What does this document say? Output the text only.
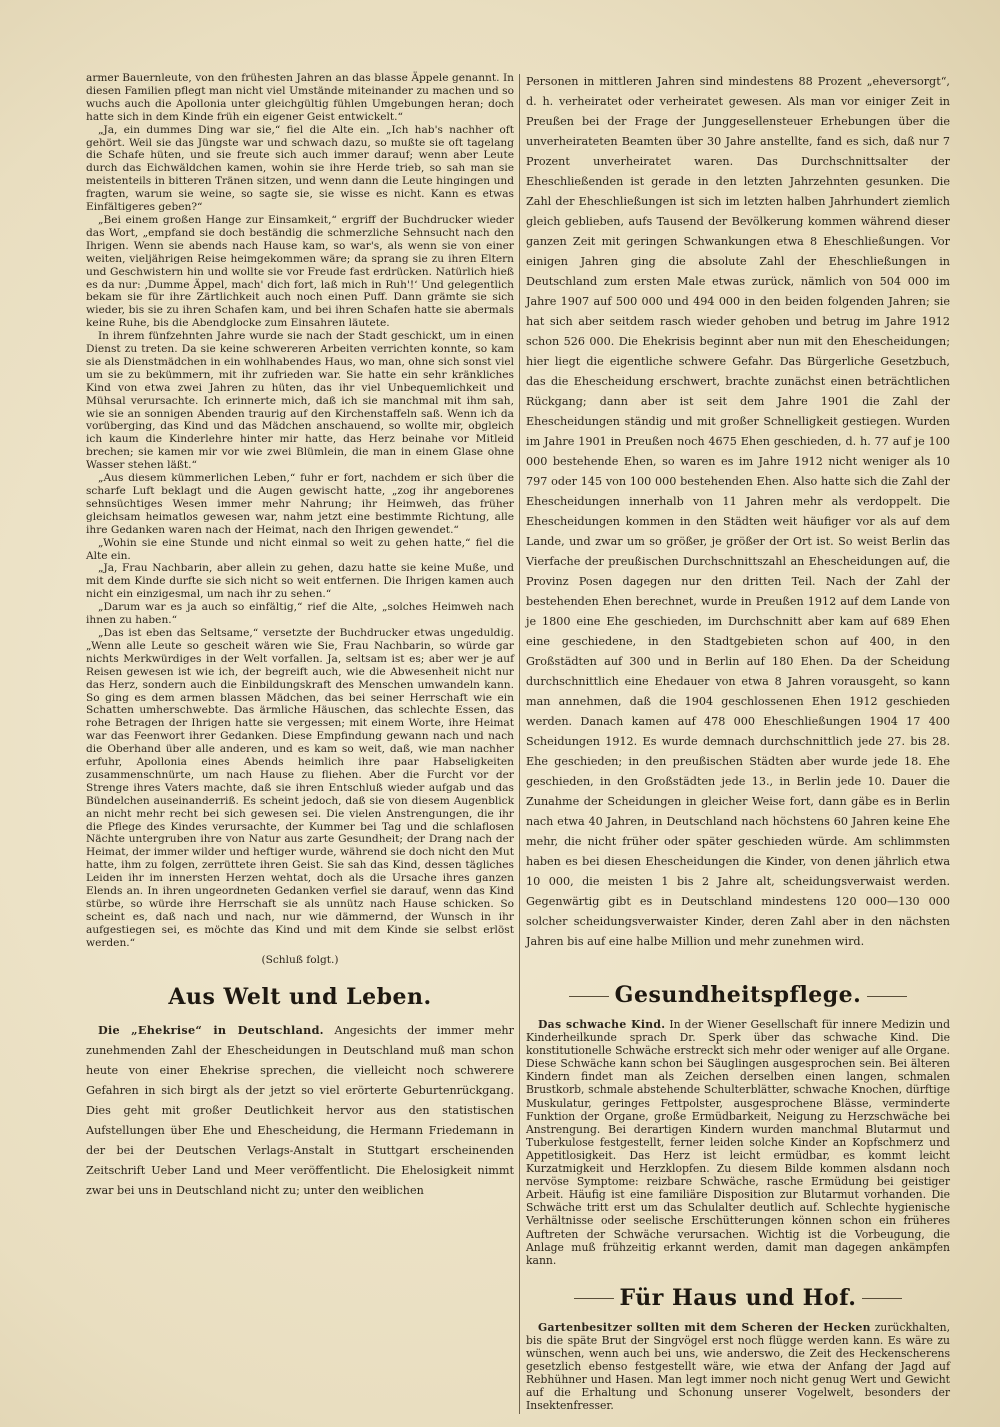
armer Bauernleute, von den frühesten Jahren an das blasse Äppele genannt. In diesen Familien pflegt man nicht viel Umstände miteinander zu machen und so wuchs auch die Apollonia unter gleichgültig fühlen Umgebungen heran; doch hatte sich in dem Kinde früh ein eigener Geist entwickelt.“

„Ja, ein dummes Ding war sie,“ fiel die Alte ein. „Ich hab's nachher oft gehört. Weil sie das Jüngste war und schwach dazu, so mußte sie oft tagelang die Schafe hüten, und sie freute sich auch immer darauf; wenn aber Leute durch das Eichwäldchen kamen, wohin sie ihre Herde trieb, so sah man sie meistenteils in bitteren Tränen sitzen, und wenn dann die Leute hingingen und fragten, warum sie weine, so sagte sie, sie wisse es nicht. Kann es etwas Einfältigeres geben?“

„Bei einem großen Hange zur Einsamkeit,“ ergriff der Buchdrucker wieder das Wort, „empfand sie doch beständig die schmerzliche Sehnsucht nach den Ihrigen. Wenn sie abends nach Hause kam, so war's, als wenn sie von einer weiten, vieljährigen Reise heimgekommen wäre; da sprang sie zu ihren Eltern und Geschwistern hin und wollte sie vor Freude fast erdrücken. Natürlich hieß es da nur: ‚Dumme Äppel, mach' dich fort, laß mich in Ruh'!‘ Und gelegentlich bekam sie für ihre Zärtlichkeit auch noch einen Puff. Dann grämte sie sich wieder, bis sie zu ihren Schafen kam, und bei ihren Schafen hatte sie abermals keine Ruhe, bis die Abendglocke zum Einsahren läutete.

In ihrem fünfzehnten Jahre wurde sie nach der Stadt geschickt, um in einen Dienst zu treten. Da sie keine schwereren Arbeiten verrichten konnte, so kam sie als Dienstmädchen in ein wohlhabendes Haus, wo man, ohne sich sonst viel um sie zu bekümmern, mit ihr zufrieden war. Sie hatte ein sehr kränkliches Kind von etwa zwei Jahren zu hüten, das ihr viel Unbequemlichkeit und Mühsal verursachte. Ich erinnerte mich, daß ich sie manchmal mit ihm sah, wie sie an sonnigen Abenden traurig auf den Kirchenstaffeln saß. Wenn ich da vorüberging, das Kind und das Mädchen anschauend, so wollte mir, obgleich ich kaum die Kinderlehre hinter mir hatte, das Herz beinahe vor Mitleid brechen; sie kamen mir vor wie zwei Blümlein, die man in einem Glase ohne Wasser stehen läßt.“

„Aus diesem kümmerlichen Leben,“ fuhr er fort, nachdem er sich über die scharfe Luft beklagt und die Augen gewischt hatte, „zog ihr angeborenes sehnsüchtiges Wesen immer mehr Nahrung; ihr Heimweh, das früher gleichsam heimatlos gewesen war, nahm jetzt eine bestimmte Richtung, alle ihre Gedanken waren nach der Heimat, nach den Ihrigen gewendet.“

„Wohin sie eine Stunde und nicht einmal so weit zu gehen hatte,“ fiel die Alte ein.

„Ja, Frau Nachbarin, aber allein zu gehen, dazu hatte sie keine Muße, und mit dem Kinde durfte sie sich nicht so weit entfernen. Die Ihrigen kamen auch nicht ein einzigesmal, um nach ihr zu sehen.“

„Darum war es ja auch so einfältig,“ rief die Alte, „solches Heimweh nach ihnen zu haben.“

„Das ist eben das Seltsame,“ versetzte der Buchdrucker etwas ungeduldig. „Wenn alle Leute so gescheit wären wie Sie, Frau Nachbarin, so würde gar nichts Merkwürdiges in der Welt vorfallen. Ja, seltsam ist es; aber wer je auf Reisen gewesen ist wie ich, der begreift auch, wie die Abwesenheit nicht nur das Herz, sondern auch die Einbildungskraft des Menschen umwandeln kann. So ging es dem armen blassen Mädchen, das bei seiner Herrschaft wie ein Schatten umherschwebte. Das ärmliche Häuschen, das schlechte Essen, das rohe Betragen der Ihrigen hatte sie vergessen; mit einem Worte, ihre Heimat war das Feenwort ihrer Gedanken. Diese Empfindung gewann nach und nach die Oberhand über alle anderen, und es kam so weit, daß, wie man nachher erfuhr, Apollonia eines Abends heimlich ihre paar Habseligkeiten zusammenschnürte, um nach Hause zu fliehen. Aber die Furcht vor der Strenge ihres Vaters machte, daß sie ihren Entschluß wieder aufgab und das Bündelchen auseinanderriß. Es scheint jedoch, daß sie von diesem Augenblick an nicht mehr recht bei sich gewesen sei. Die vielen Anstrengungen, die ihr die Pflege des Kindes verursachte, der Kummer bei Tag und die schlaflosen Nächte untergruben ihre von Natur aus zarte Gesundheit; der Drang nach der Heimat, der immer wilder und heftiger wurde, während sie doch nicht den Mut hatte, ihm zu folgen, zerrüttete ihren Geist. Sie sah das Kind, dessen tägliches Leiden ihr im innersten Herzen wehtat, doch als die Ursache ihres ganzen Elends an. In ihren ungeordneten Gedanken verfiel sie darauf, wenn das Kind stürbe, so würde ihre Herrschaft sie als unnütz nach Hause schicken. So scheint es, daß nach und nach, nur wie dämmernd, der Wunsch in ihr aufgestiegen sei, es möchte das Kind und mit dem Kinde sie selbst erlöst werden.“

(Schluß folgt.)
Aus Welt und Leben.

Die „Ehekrise“ in Deutschland. Angesichts der immer mehr zunehmenden Zahl der Ehescheidungen in Deutschland muß man schon heute von einer Ehekrise sprechen, die vielleicht noch schwerere Gefahren in sich birgt als der jetzt so viel erörterte Geburtenrückgang. Dies geht mit großer Deutlichkeit hervor aus den statistischen Aufstellungen über Ehe und Ehescheidung, die Hermann Friedemann in der bei der Deutschen Verlags-Anstalt in Stuttgart erscheinenden Zeitschrift Ueber Land und Meer veröffentlicht. Die Ehelosigkeit nimmt zwar bei uns in Deutschland nicht zu; unter den weiblichen

Personen in mittleren Jahren sind mindestens 88 Prozent „eheversorgt“, d. h. verheiratet oder verheiratet gewesen. Als man vor einiger Zeit in Preußen bei der Frage der Junggesellensteuer Erhebungen über die unverheirateten Beamten über 30 Jahre anstellte, fand es sich, daß nur 7 Prozent unverheiratet waren. Das Durchschnittsalter der Eheschließenden ist gerade in den letzten Jahrzehnten gesunken. Die Zahl der Eheschließungen ist sich im letzten halben Jahrhundert ziemlich gleich geblieben, aufs Tausend der Bevölkerung kommen während dieser ganzen Zeit mit geringen Schwankungen etwa 8 Eheschließungen. Vor einigen Jahren ging die absolute Zahl der Eheschließungen in Deutschland zum ersten Male etwas zurück, nämlich von 504 000 im Jahre 1907 auf 500 000 und 494 000 in den beiden folgenden Jahren; sie hat sich aber seitdem rasch wieder gehoben und betrug im Jahre 1912 schon 526 000. Die Ehekrisis beginnt aber nun mit den Ehescheidungen; hier liegt die eigentliche schwere Gefahr. Das Bürgerliche Gesetzbuch, das die Ehescheidung erschwert, brachte zunächst einen beträchtlichen Rückgang; dann aber ist seit dem Jahre 1901 die Zahl der Ehescheidungen ständig und mit großer Schnelligkeit gestiegen. Wurden im Jahre 1901 in Preußen noch 4675 Ehen geschieden, d. h. 77 auf je 100 000 bestehende Ehen, so waren es im Jahre 1912 nicht weniger als 10 797 oder 145 von 100 000 bestehenden Ehen. Also hatte sich die Zahl der Ehescheidungen innerhalb von 11 Jahren mehr als verdoppelt. Die Ehescheidungen kommen in den Städten weit häufiger vor als auf dem Lande, und zwar um so größer, je größer der Ort ist. So weist Berlin das Vierfache der preußischen Durchschnittszahl an Ehescheidungen auf, die Provinz Posen dagegen nur den dritten Teil. Nach der Zahl der bestehenden Ehen berechnet, wurde in Preußen 1912 auf dem Lande von je 1800 eine Ehe geschieden, im Durchschnitt aber kam auf 689 Ehen eine geschiedene, in den Stadtgebieten schon auf 400, in den Großstädten auf 300 und in Berlin auf 180 Ehen. Da der Scheidung durchschnittlich eine Ehedauer von etwa 8 Jahren vorausgeht, so kann man annehmen, daß die 1904 geschlossenen Ehen 1912 geschieden werden. Danach kamen auf 478 000 Eheschließungen 1904 17 400 Scheidungen 1912. Es wurde demnach durchschnittlich jede 27. bis 28. Ehe geschieden; in den preußischen Städten aber wurde jede 18. Ehe geschieden, in den Großstädten jede 13., in Berlin jede 10. Dauer die Zunahme der Scheidungen in gleicher Weise fort, dann gäbe es in Berlin nach etwa 40 Jahren, in Deutschland nach höchstens 60 Jahren keine Ehe mehr, die nicht früher oder später geschieden würde. Am schlimmsten haben es bei diesen Ehescheidungen die Kinder, von denen jährlich etwa 10 000, die meisten 1 bis 2 Jahre alt, scheidungsverwaist werden. Gegenwärtig gibt es in Deutschland mindestens 120 000—130 000 solcher scheidungsverwaister Kinder, deren Zahl aber in den nächsten Jahren bis auf eine halbe Million und mehr zunehmen wird.

Gesundheitspflege.

Das schwache Kind. In der Wiener Gesellschaft für innere Medizin und Kinderheilkunde sprach Dr. Sperk über das schwache Kind. Die konstitutionelle Schwäche erstreckt sich mehr oder weniger auf alle Organe. Diese Schwäche kann schon bei Säuglingen ausgesprochen sein. Bei älteren Kindern findet man als Zeichen derselben einen langen, schmalen Brustkorb, schmale abstehende Schulterblätter, schwache Knochen, dürftige Muskulatur, geringes Fettpolster, ausgesprochene Blässe, verminderte Funktion der Organe, große Ermüdbarkeit, Neigung zu Herzschwäche bei Anstrengung. Bei derartigen Kindern wurden manchmal Blutarmut und Tuberkulose festgestellt, ferner leiden solche Kinder an Kopfschmerz und Appetitlosigkeit. Das Herz ist leicht ermüdbar, es kommt leicht Kurzatmigkeit und Herzklopfen. Zu diesem Bilde kommen alsdann noch nervöse Symptome: reizbare Schwäche, rasche Ermüdung bei geistiger Arbeit. Häufig ist eine familiäre Disposition zur Blutarmut vorhanden. Die Schwäche tritt erst um das Schulalter deutlich auf. Schlechte hygienische Verhältnisse oder seelische Erschütterungen können schon ein früheres Auftreten der Schwäche verursachen. Wichtig ist die Vorbeugung, die Anlage muß frühzeitig erkannt werden, damit man dagegen ankämpfen kann.

Für Haus und Hof.

Gartenbesitzer sollten mit dem Scheren der Hecken zurückhalten, bis die späte Brut der Singvögel erst noch flügge werden kann. Es wäre zu wünschen, wenn auch bei uns, wie anderswo, die Zeit des Heckenscherens gesetzlich ebenso festgestellt wäre, wie etwa der Anfang der Jagd auf Rebhühner und Hasen. Man legt immer noch nicht genug Wert und Gewicht auf die Erhaltung und Schonung unserer Vogelwelt, besonders der Insektenfresser.
